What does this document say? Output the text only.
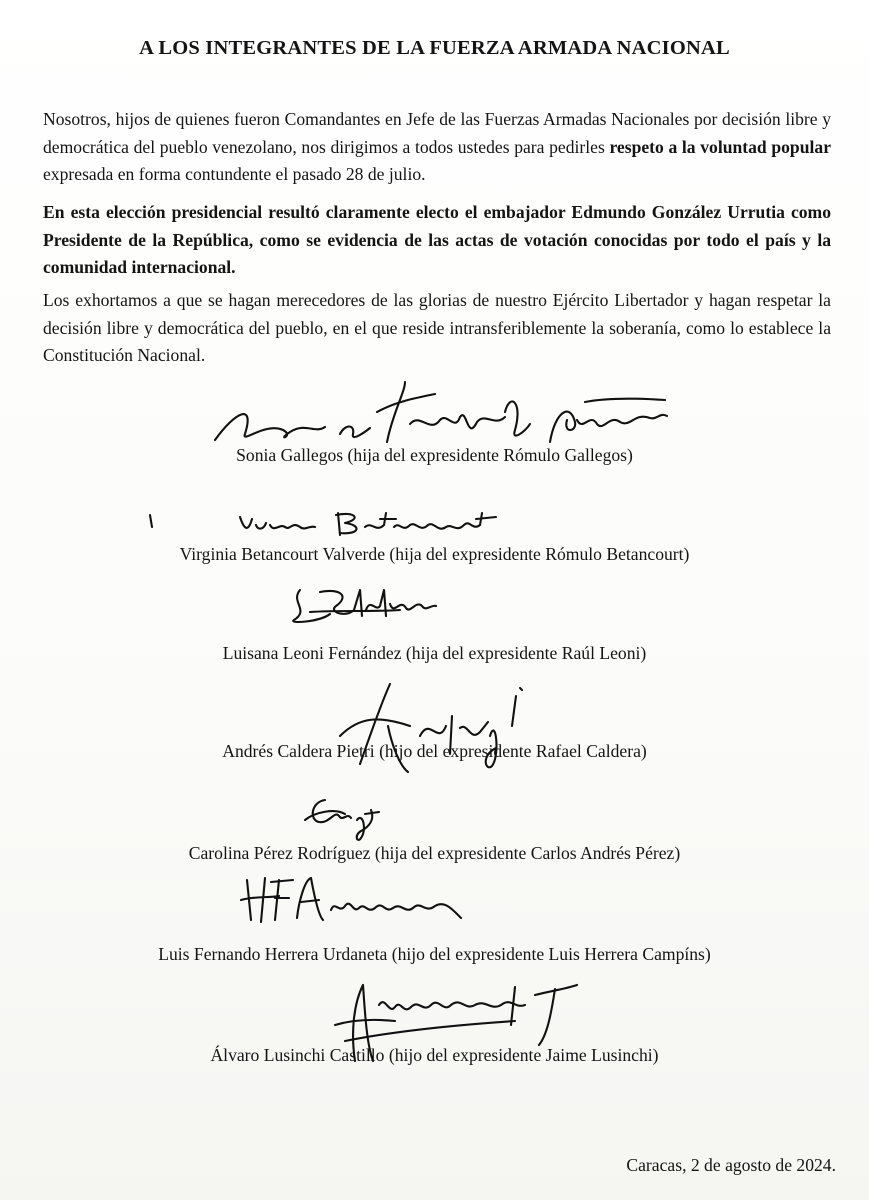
A LOS INTEGRANTES DE LA FUERZA ARMADA NACIONAL
Nosotros, hijos de quienes fueron Comandantes en Jefe de las Fuerzas Armadas Nacionales por decisión libre y democrática del pueblo venezolano, nos dirigimos a todos ustedes para pedirles respeto a la voluntad popular expresada en forma contundente el pasado 28 de julio.
En esta elección presidencial resultó claramente electo el embajador Edmundo González Urrutia como Presidente de la República, como se evidencia de las actas de votación conocidas por todo el país y la comunidad internacional.
Los exhortamos a que se hagan merecedores de las glorias de nuestro Ejército Libertador y hagan respetar la decisión libre y democrática del pueblo, en el que reside intransferiblemente la soberanía, como lo establece la Constitución Nacional.
Sonia Gallegos (hija del expresidente Rómulo Gallegos)
Virginia Betancourt Valverde (hija del expresidente Rómulo Betancourt)
Luisana Leoni Fernández (hija del expresidente Raúl Leoni)
Andrés Caldera Pietri (hijo del expresidente Rafael Caldera)
Carolina Pérez Rodríguez (hija del expresidente Carlos Andrés Pérez)
Luis Fernando Herrera Urdaneta (hijo del expresidente Luis Herrera Campíns)
Álvaro Lusinchi Castillo (hijo del expresidente Jaime Lusinchi)
Caracas, 2 de agosto de 2024.
